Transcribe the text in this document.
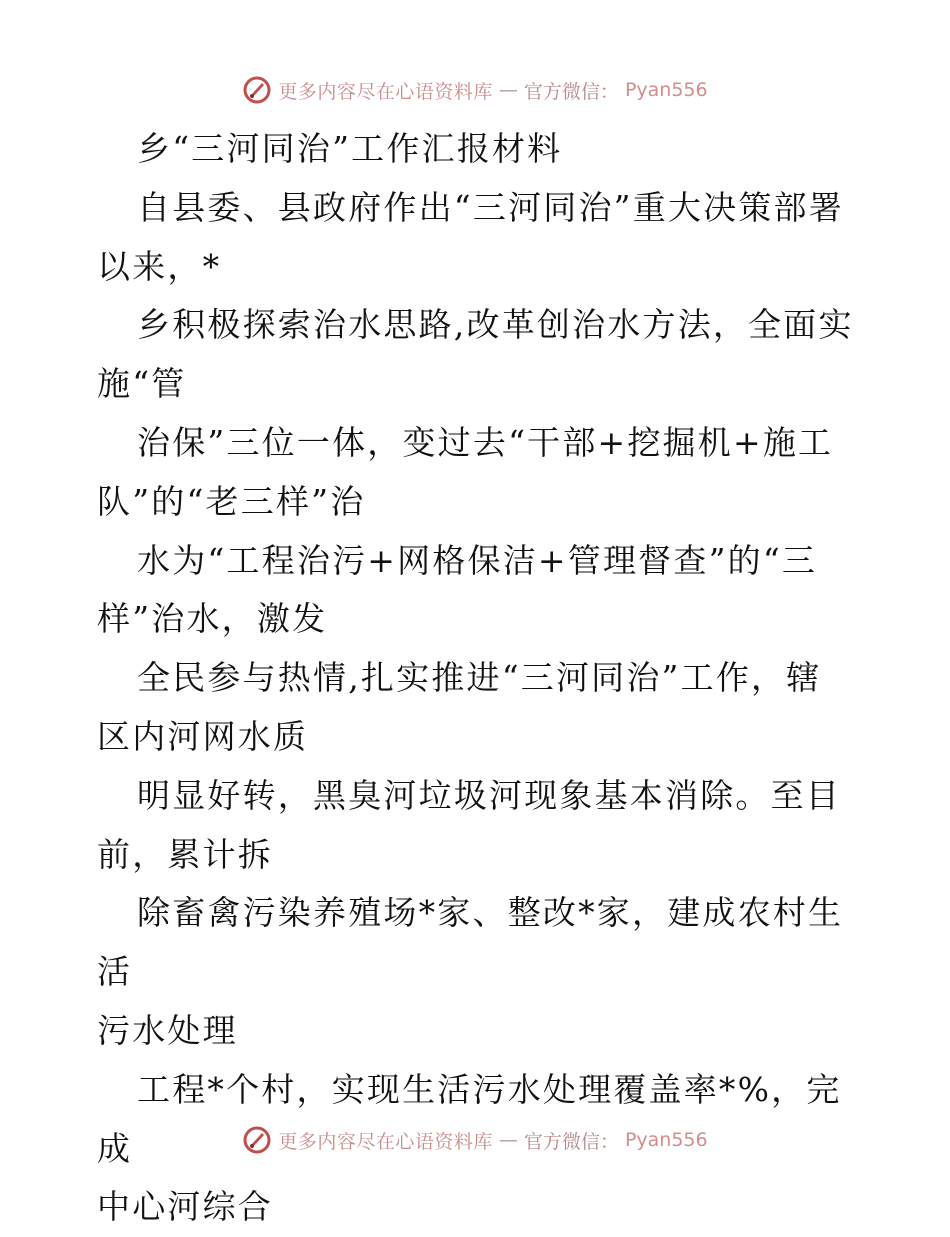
更多内容尽在心语资料库 — 官方微信： Pyan556

乡“三河同治”工作汇报材料

自县委、县政府作出“三河同治”重大决策部署
以来，*

乡积极探索治水思路,改革创治水方法，全面实
施“管

治保”三位一体，变过去“干部+挖掘机+施工
队”的“老三样”治

水为“工程治污+网格保洁+管理督查”的“三
样”治水，激发

全民参与热情,扎实推进“三河同治”工作，辖
区内河网水质

明显好转，黑臭河垃圾河现象基本消除。至目
前，累计拆

除畜禽污染养殖场*家、整改*家，建成农村生活
污水处理

工程*个村，实现生活污水处理覆盖率*%，完成
中心河综合

更多内容尽在心语资料库 — 官方微信： Pyan556
